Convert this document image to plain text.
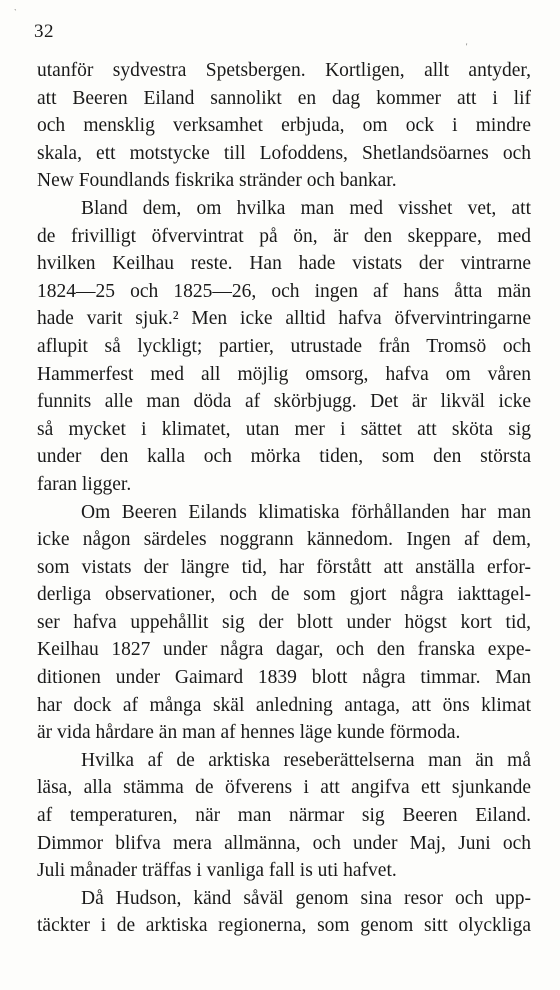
32
ˋ
'
utanför sydvestra Spetsbergen. Kortligen, allt antyder,
att Beeren Eiland sannolikt en dag kommer att i lif
och mensklig verksamhet erbjuda, om ock i mindre
skala, ett motstycke till Lofoddens, Shetlandsöarnes och
New Foundlands fiskrika stränder och bankar.
Bland dem, om hvilka man med visshet vet, att
de frivilligt öfvervintrat på ön, är den skeppare, med
hvilken Keilhau reste. Han hade vistats der vintrarne
1824—25 och 1825—26, och ingen af hans åtta män
hade varit sjuk.² Men icke alltid hafva öfvervintringarne
aflupit så lyckligt; partier, utrustade från Tromsö och
Hammerfest med all möjlig omsorg, hafva om våren
funnits alle man döda af skörbjugg. Det är likväl icke
så mycket i klimatet, utan mer i sättet att sköta sig
under den kalla och mörka tiden, som den största
faran ligger.
Om Beeren Eilands klimatiska förhållanden har man
icke någon särdeles noggrann kännedom. Ingen af dem,
som vistats der längre tid, har förstått att anställa erfor-
derliga observationer, och de som gjort några iakttagel-
ser hafva uppehållit sig der blott under högst kort tid,
Keilhau 1827 under några dagar, och den franska expe-
ditionen under Gaimard 1839 blott några timmar. Man
har dock af många skäl anledning antaga, att öns klimat
är vida hårdare än man af hennes läge kunde förmoda.
Hvilka af de arktiska reseberättelserna man än må
läsa, alla stämma de öfverens i att angifva ett sjunkande
af temperaturen, när man närmar sig Beeren Eiland.
Dimmor blifva mera allmänna, och under Maj, Juni och
Juli månader träffas i vanliga fall is uti hafvet.
Då Hudson, känd såväl genom sina resor och upp-
täckter i de arktiska regionerna, som genom sitt olyckliga
